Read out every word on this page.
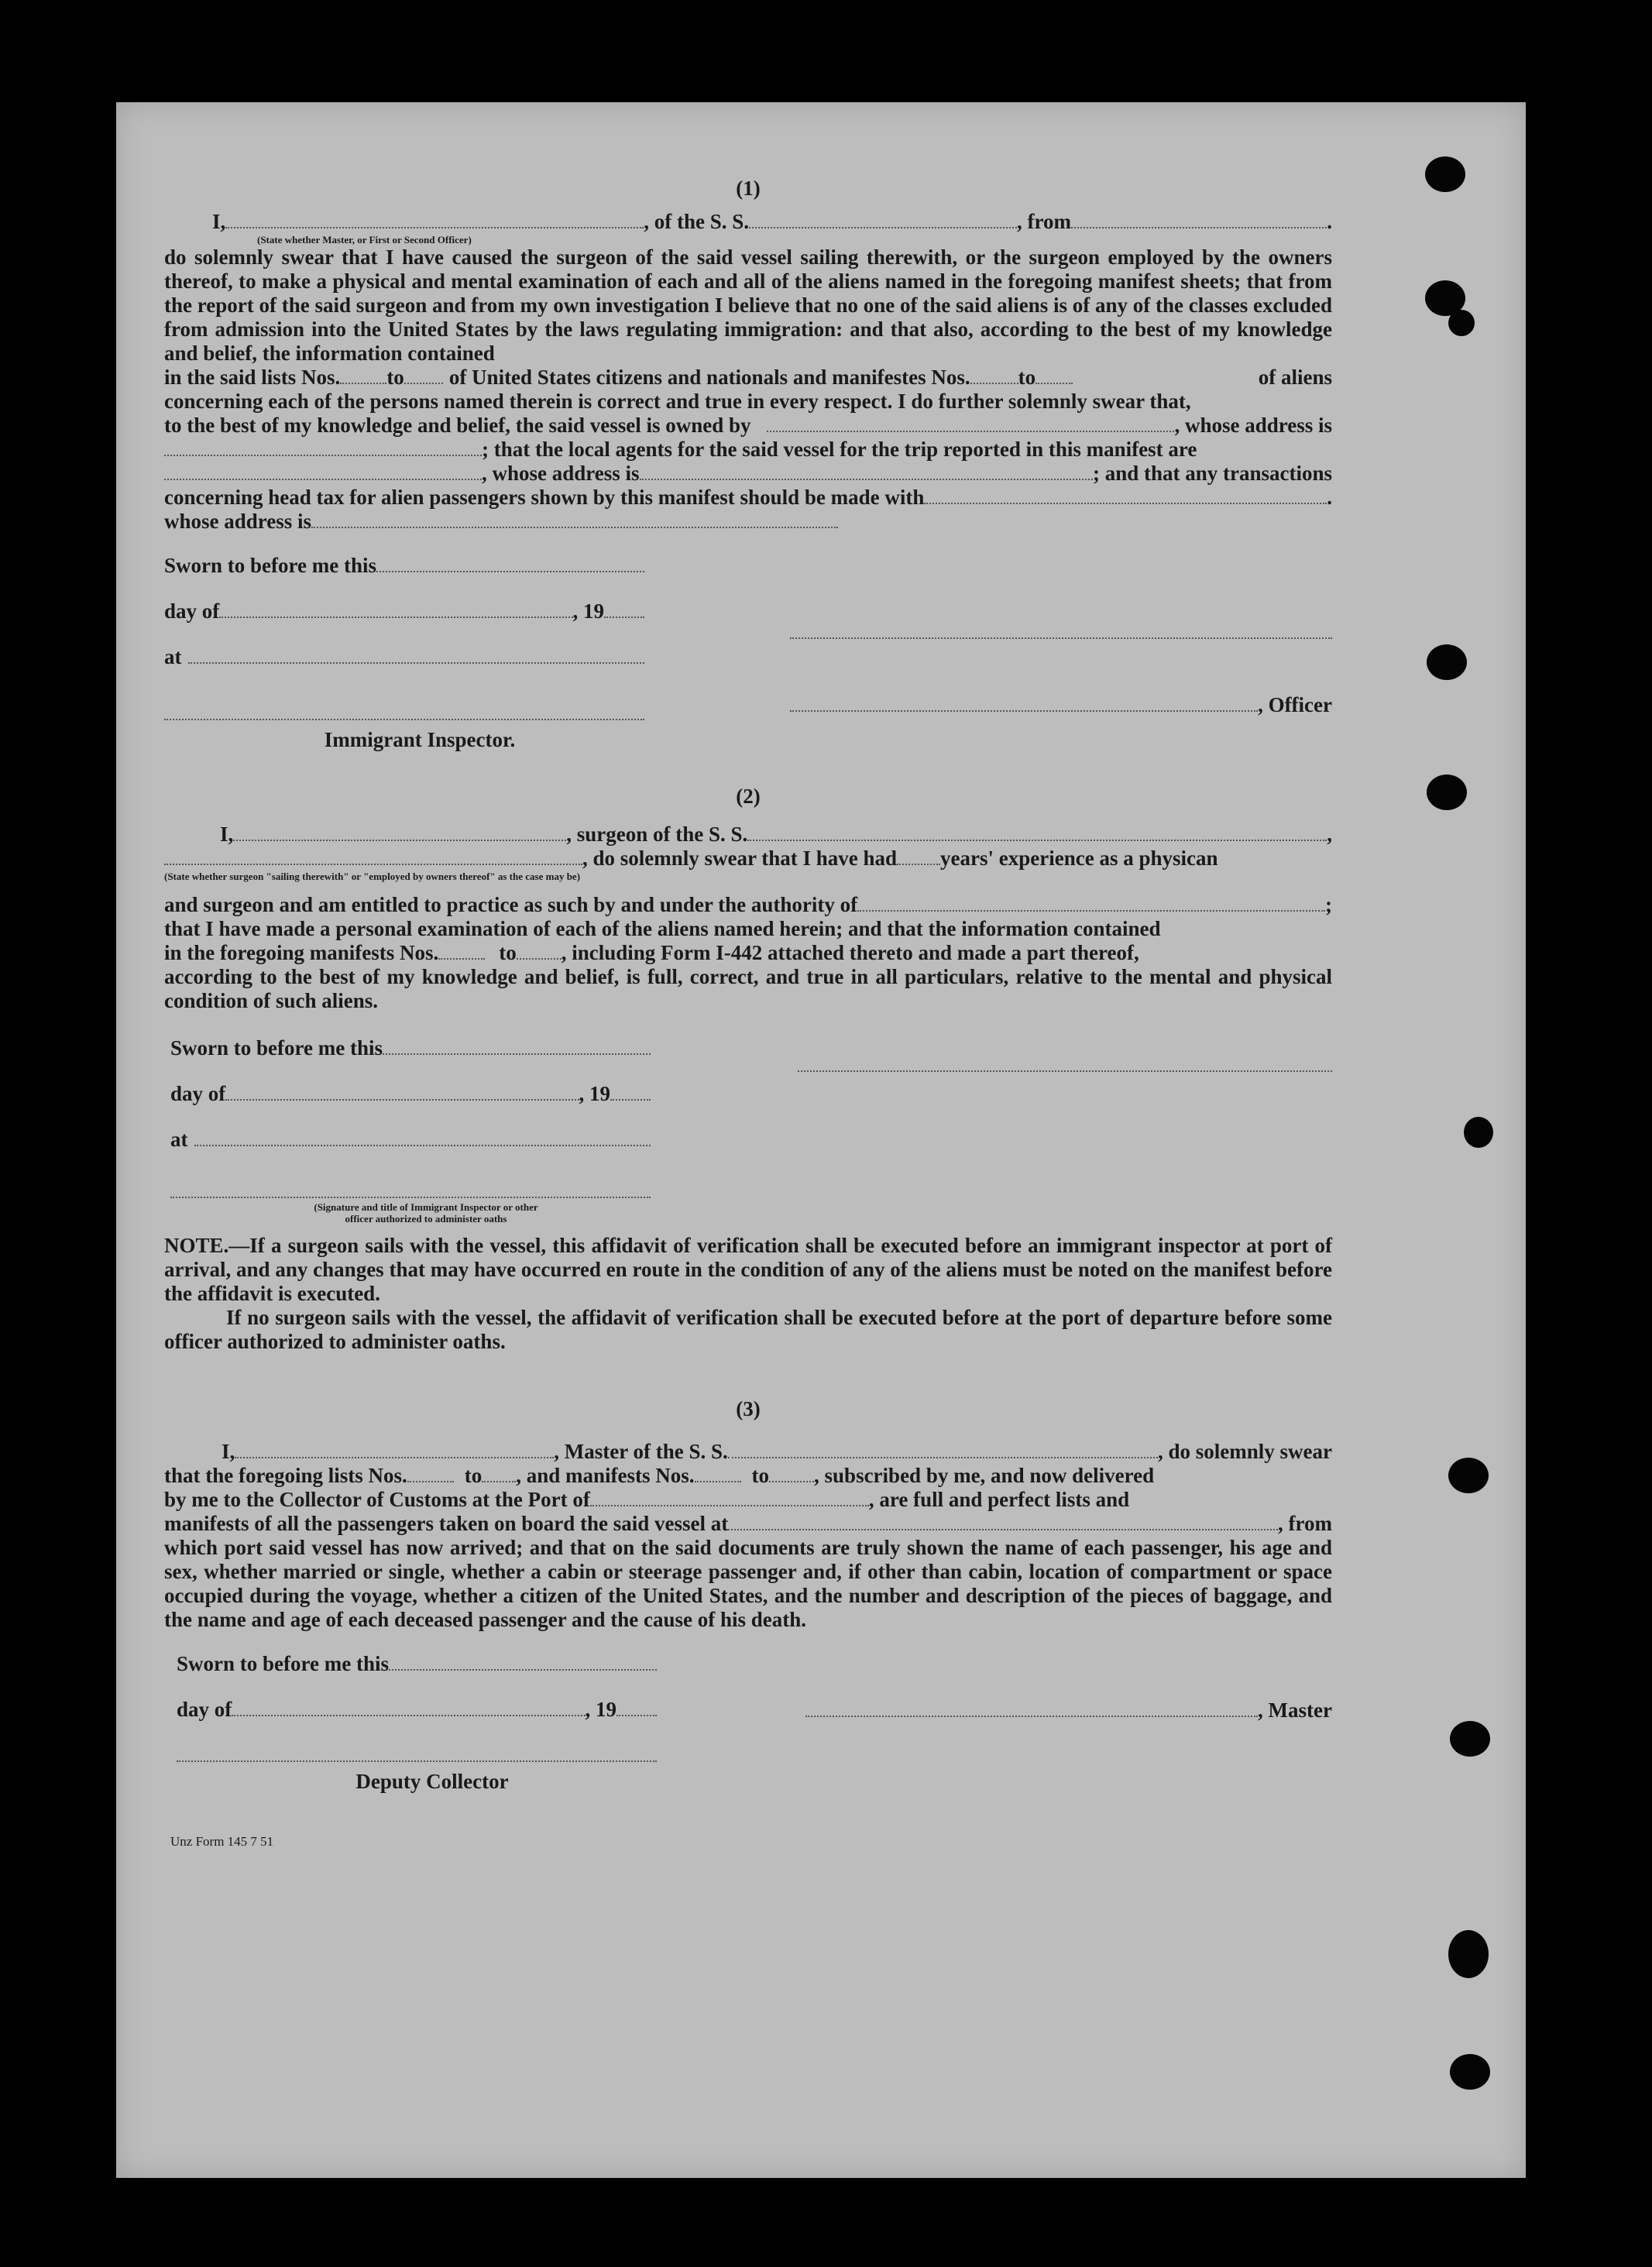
(1)

I,	, of the S. S.	, from	.
(State whether Master, or First or Second Officer)
do solemnly swear that I have caused the surgeon of the said vessel sailing therewith, or the surgeon employed by the owners thereof, to make a physical and mental examination of each and all of the aliens named in the foregoing manifest sheets; that from the report of the said surgeon and from my own investigation I believe that no one of the said aliens is of any of the classes excluded from admission into the United States by the laws regulating immigration: and that also, according to the best of my knowledge and belief, the information contained
in the said lists Nos. to of United States citizens and nationals and manifestes Nos. to	of aliens
concerning each of the persons named therein is correct and true in every respect. I do further solemnly swear that,
to the best of my knowledge and belief, the said vessel is owned by	, whose address is
; that the local agents for the said vessel for the trip reported in this manifest are
, whose address is	; and that any transactions
concerning head tax for alien passengers shown by this manifest should be made with	.
whose address is
Sworn to before me this
day of	, 19
at
Immigrant Inspector.
, Officer

(2)

I,	, surgeon of the S. S.	,
, do solemnly swear that I have had years' experience as a physican
(State whether surgeon "sailing therewith" or "employed by owners thereof" as the case may be)
and surgeon and am entitled to practice as such by and under the authority of	;
that I have made a personal examination of each of the aliens named herein; and that the information contained
in the foregoing manifests Nos.	to , including Form I-442 attached thereto and made a part thereof,
according to the best of my knowledge and belief, is full, correct, and true in all particulars, relative to the mental and physical condition of such aliens.
Sworn to before me this
day of	, 19
at
(Signature and title of Immigrant Inspector or other
officer authorized to administer oaths
NOTE.—If a surgeon sails with the vessel, this affidavit of verification shall be executed before an immigrant inspector at port of arrival, and any changes that may have occurred en route in the condition of any of the aliens must be noted on the manifest before the affidavit is executed.
If no surgeon sails with the vessel, the affidavit of verification shall be executed before at the port of departure before some officer authorized to administer oaths.

(3)

I,	, Master of the S. S.	, do solemnly swear
that the foregoing lists Nos.	to , and manifests Nos.	to , subscribed by me, and now delivered
by me to the Collector of Customs at the Port of	, are full and perfect lists and
manifests of all the passengers taken on board the said vessel at	, from
which port said vessel has now arrived; and that on the said documents are truly shown the name of each passenger, his age and sex, whether married or single, whether a cabin or steerage passenger and, if other than cabin, location of compartment or space occupied during the voyage, whether a citizen of the United States, and the number and description of the pieces of baggage, and the name and age of each deceased passenger and the cause of his death.
Sworn to before me this
day of	, 19
Deputy Collector
, Master
Unz Form 145 7 51
